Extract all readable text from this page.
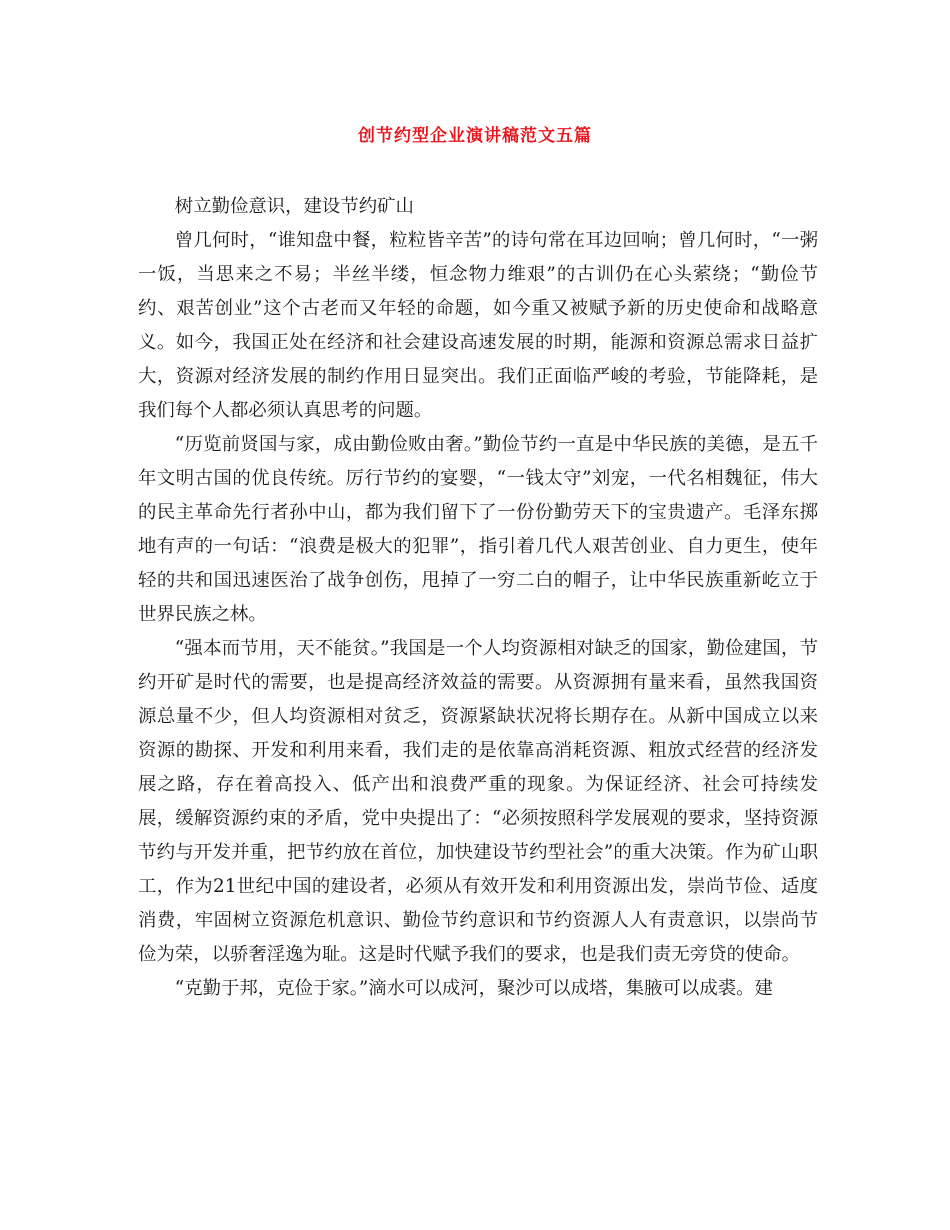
创节约型企业演讲稿范文五篇

树立勤俭意识，建设节约矿山

曾几何时，“谁知盘中餐，粒粒皆辛苦”的诗句常在耳边回响；曾几何时，“一粥一饭，当思来之不易；半丝半缕，恒念物力维艰”的古训仍在心头萦绕；“勤俭节约、艰苦创业”这个古老而又年轻的命题，如今重又被赋予新的历史使命和战略意义。如今，我国正处在经济和社会建设高速发展的时期，能源和资源总需求日益扩大，资源对经济发展的制约作用日显突出。我们正面临严峻的考验，节能降耗，是我们每个人都必须认真思考的问题。

“历览前贤国与家，成由勤俭败由奢。”勤俭节约一直是中华民族的美德，是五千年文明古国的优良传统。厉行节约的宴婴，“一钱太守”刘宠，一代名相魏征，伟大的民主革命先行者孙中山，都为我们留下了一份份勤劳天下的宝贵遗产。毛泽东掷地有声的一句话：“浪费是极大的犯罪”，指引着几代人艰苦创业、自力更生，使年轻的共和国迅速医治了战争创伤，甩掉了一穷二白的帽子，让中华民族重新屹立于世界民族之林。

“强本而节用，天不能贫。”我国是一个人均资源相对缺乏的国家，勤俭建国，节约开矿是时代的需要，也是提高经济效益的需要。从资源拥有量来看，虽然我国资源总量不少，但人均资源相对贫乏，资源紧缺状况将长期存在。从新中国成立以来资源的勘探、开发和利用来看，我们走的是依靠高消耗资源、粗放式经营的经济发展之路，存在着高投入、低产出和浪费严重的现象。为保证经济、社会可持续发展，缓解资源约束的矛盾，党中央提出了：“必须按照科学发展观的要求，坚持资源节约与开发并重，把节约放在首位，加快建设节约型社会”的重大决策。作为矿山职工，作为21世纪中国的建设者，必须从有效开发和利用资源出发，崇尚节俭、适度消费，牢固树立资源危机意识、勤俭节约意识和节约资源人人有责意识，以崇尚节俭为荣，以骄奢淫逸为耻。这是时代赋予我们的要求，也是我们责无旁贷的使命。

“克勤于邦，克俭于家。”滴水可以成河，聚沙可以成塔，集腋可以成裘。建
